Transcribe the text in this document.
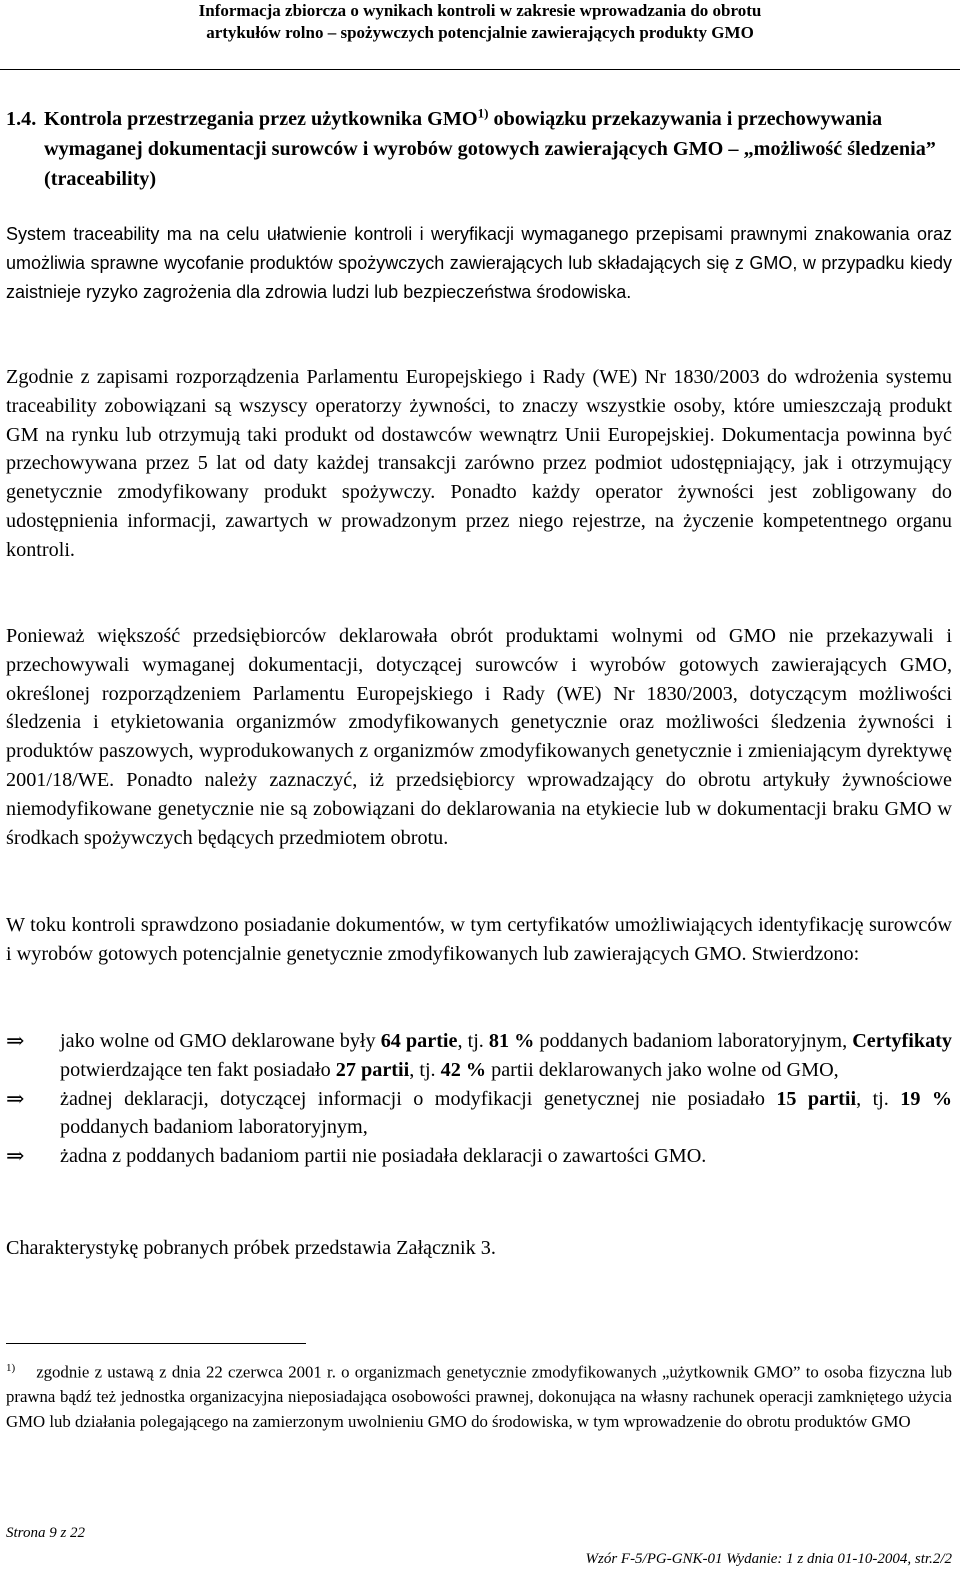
Informacja zbiorcza o wynikach kontroli w zakresie wprowadzania do obrotu
artykułów rolno – spożywczych potencjalnie zawierających produkty GMO
1.4. Kontrola przestrzegania przez użytkownika GMO$^{1)}$ obowiązku przekazywania i przechowywania wymaganej dokumentacji surowców i wyrobów gotowych zawierających GMO – „możliwość śledzenia” (traceability)
System traceability ma na celu ułatwienie kontroli i weryfikacji wymaganego przepisami prawnymi znakowania oraz umożliwia sprawne wycofanie produktów spożywczych zawierających lub składających się z GMO, w przypadku kiedy zaistnieje ryzyko zagrożenia dla zdrowia ludzi lub bezpieczeństwa środowiska.
Zgodnie z zapisami rozporządzenia Parlamentu Europejskiego i Rady (WE) Nr 1830/2003 do wdrożenia systemu traceability zobowiązani są wszyscy operatorzy żywności, to znaczy wszystkie osoby, które umieszczają produkt GM na rynku lub otrzymują taki produkt od dostawców wewnątrz Unii Europejskiej. Dokumentacja powinna być przechowywana przez 5 lat od daty każdej transakcji zarówno przez podmiot udostępniający, jak i otrzymujący genetycznie zmodyfikowany produkt spożywczy. Ponadto każdy operator żywności jest zobligowany do udostępnienia informacji, zawartych w prowadzonym przez niego rejestrze, na życzenie kompetentnego organu kontroli.
Ponieważ większość przedsiębiorców deklarowała obrót produktami wolnymi od GMO nie przekazywali i przechowywali wymaganej dokumentacji, dotyczącej surowców i wyrobów gotowych zawierających GMO, określonej rozporządzeniem Parlamentu Europejskiego i Rady (WE) Nr 1830/2003, dotyczącym możliwości śledzenia i etykietowania organizmów zmodyfikowanych genetycznie oraz możliwości śledzenia żywności i produktów paszowych, wyprodukowanych z organizmów zmodyfikowanych genetycznie i zmieniającym dyrektywę 2001/18/WE. Ponadto należy zaznaczyć, iż przedsiębiorcy wprowadzający do obrotu artykuły żywnościowe niemodyfikowane genetycznie nie są zobowiązani do deklarowania na etykiecie lub w dokumentacji braku GMO w środkach spożywczych będących przedmiotem obrotu.
W toku kontroli sprawdzono posiadanie dokumentów, w tym certyfikatów umożliwiających identyfikację surowców i wyrobów gotowych potencjalnie genetycznie zmodyfikowanych lub zawierających GMO. Stwierdzono:
⇒	jako wolne od GMO deklarowane były 64 partie, tj. 81 % poddanych badaniom laboratoryjnym, Certyfikaty potwierdzające ten fakt posiadało 27 partii, tj. 42 % partii deklarowanych jako wolne od GMO,
⇒	żadnej deklaracji, dotyczącej informacji o modyfikacji genetycznej nie posiadało 15 partii, tj. 19 % poddanych badaniom laboratoryjnym,
⇒	żadna z poddanych badaniom partii nie posiadała deklaracji o zawartości GMO.
Charakterystykę pobranych próbek przedstawia Załącznik 3.
$^{1)}$ zgodnie z ustawą z dnia 22 czerwca 2001 r. o organizmach genetycznie zmodyfikowanych „użytkownik GMO” to osoba fizyczna lub prawna bądź też jednostka organizacyjna nieposiadająca osobowości prawnej, dokonująca na własny rachunek operacji zamkniętego użycia GMO lub działania polegającego na zamierzonym uwolnieniu GMO do środowiska, w tym wprowadzenie do obrotu produktów GMO
Strona 9 z 22
Wzór F-5/PG-GNK-01 Wydanie: 1 z dnia 01-10-2004, str.2/2
